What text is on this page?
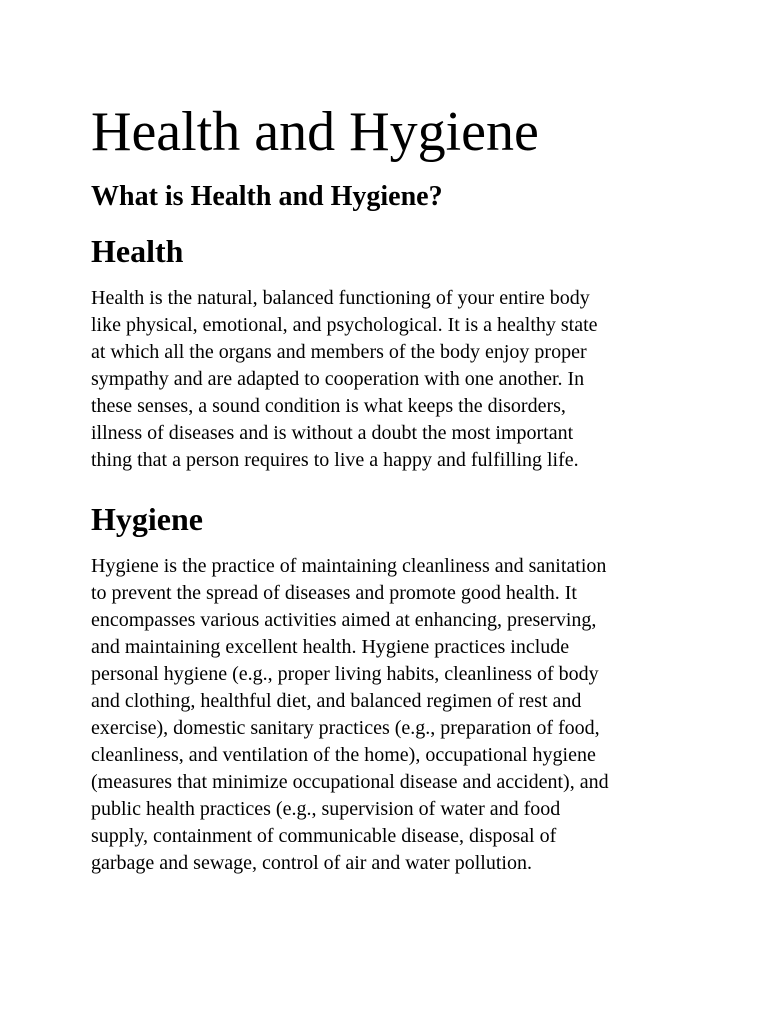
Health and Hygiene
What is Health and Hygiene?
Health

Health is the natural, balanced functioning of your entire body
like physical, emotional, and psychological. It is a healthy state
at which all the organs and members of the body enjoy proper
sympathy and are adapted to cooperation with one another. In
these senses, a sound condition is what keeps the disorders,
illness of diseases and is without a doubt the most important
thing that a person requires to live a happy and fulfilling life.

Hygiene

Hygiene is the practice of maintaining cleanliness and sanitation
to prevent the spread of diseases and promote good health. It
encompasses various activities aimed at enhancing, preserving,
and maintaining excellent health. Hygiene practices include
personal hygiene (e.g., proper living habits, cleanliness of body
and clothing, healthful diet, and balanced regimen of rest and
exercise), domestic sanitary practices (e.g., preparation of food,
cleanliness, and ventilation of the home), occupational hygiene
(measures that minimize occupational disease and accident), and
public health practices (e.g., supervision of water and food
supply, containment of communicable disease, disposal of
garbage and sewage, control of air and water pollution.
